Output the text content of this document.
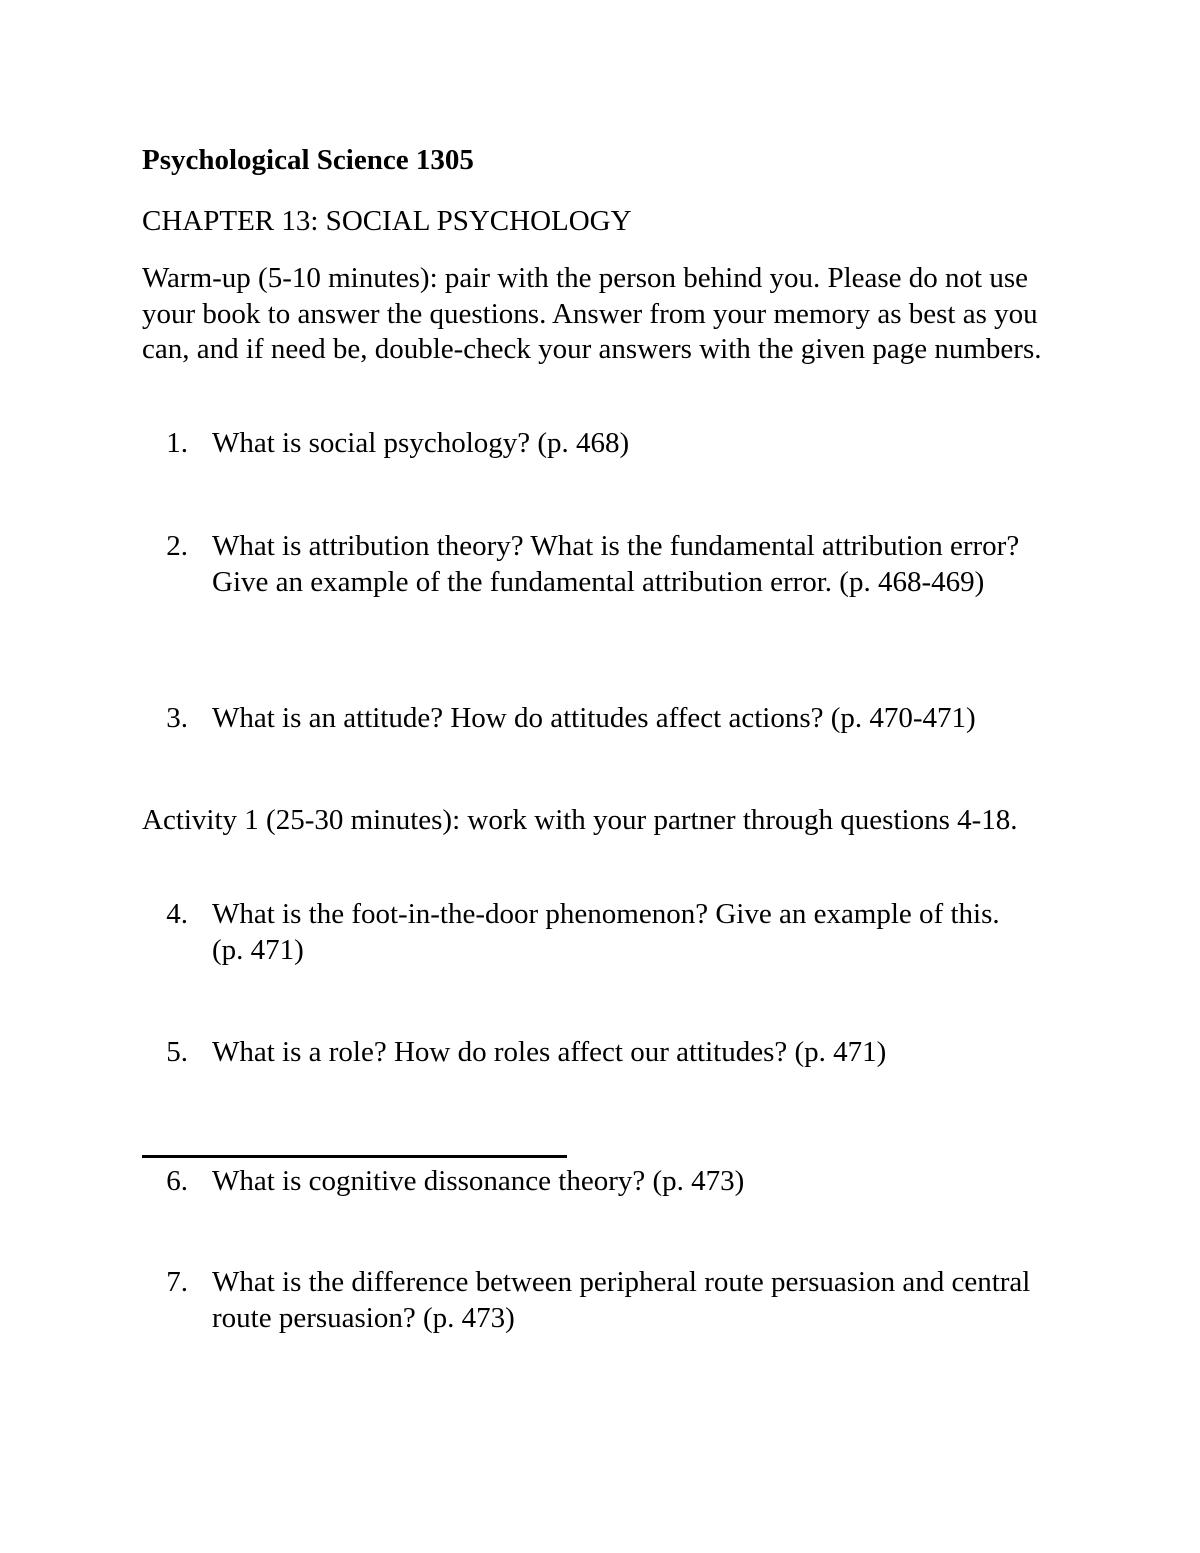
Psychological Science 1305
CHAPTER 13: SOCIAL PSYCHOLOGY
Warm-up (5-10 minutes): pair with the person behind you. Please do not use your book to answer the questions. Answer from your memory as best as you can, and if need be, double-check your answers with the given page numbers.
1. What is social psychology? (p. 468)
2. What is attribution theory? What is the fundamental attribution error? Give an example of the fundamental attribution error. (p. 468-469)
3. What is an attitude? How do attitudes affect actions? (p. 470-471)
Activity 1 (25-30 minutes): work with your partner through questions 4-18.
4. What is the foot-in-the-door phenomenon? Give an example of this. (p. 471)
5. What is a role? How do roles affect our attitudes? (p. 471)
6. What is cognitive dissonance theory? (p. 473)
7. What is the difference between peripheral route persuasion and central route persuasion? (p. 473)
